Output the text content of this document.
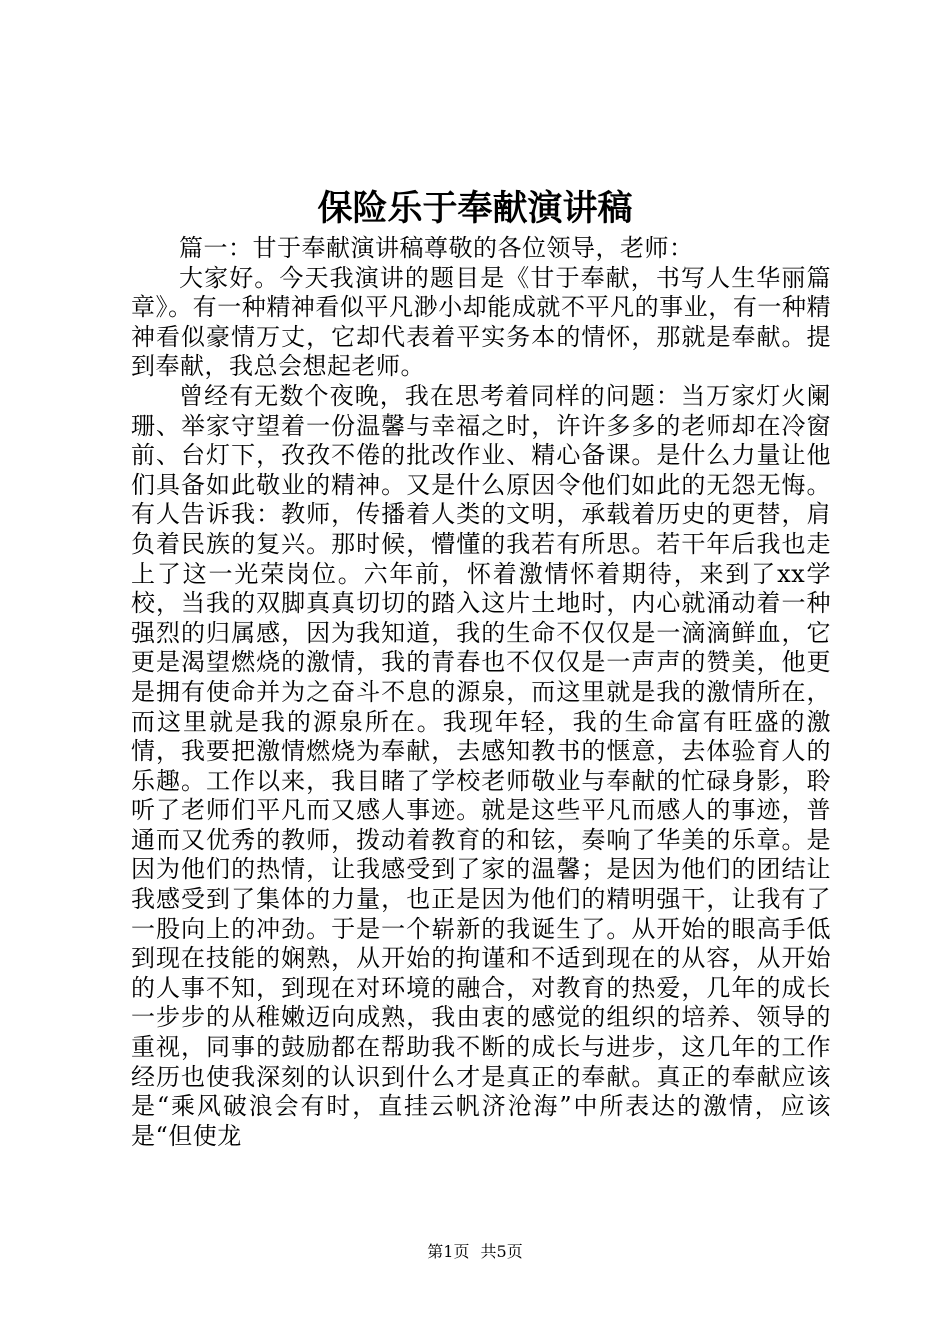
保险乐于奉献演讲稿

篇一：甘于奉献演讲稿尊敬的各位领导，老师：

大家好。今天我演讲的题目是《甘于奉献，书写人生华丽篇章》。有一种精神看似平凡渺小却能成就不平凡的事业，有一种精神看似豪情万丈，它却代表着平实务本的情怀，那就是奉献。提到奉献，我总会想起老师。

曾经有无数个夜晚，我在思考着同样的问题：当万家灯火阑珊、举家守望着一份温馨与幸福之时，许许多多的老师却在冷窗前、台灯下，孜孜不倦的批改作业、精心备课。是什么力量让他们具备如此敬业的精神。又是什么原因令他们如此的无怨无悔。有人告诉我：教师，传播着人类的文明，承载着历史的更替，肩负着民族的复兴。那时候，懵懂的我若有所思。若干年后我也走上了这一光荣岗位。六年前，怀着激情怀着期待，来到了xx学校，当我的双脚真真切切的踏入这片土地时，内心就涌动着一种强烈的归属感，因为我知道，我的生命不仅仅是一滴滴鲜血，它更是渴望燃烧的激情，我的青春也不仅仅是一声声的赞美，他更是拥有使命并为之奋斗不息的源泉，而这里就是我的激情所在，而这里就是我的源泉所在。我现年轻，我的生命富有旺盛的激情，我要把激情燃烧为奉献，去感知教书的惬意，去体验育人的乐趣。工作以来，我目睹了学校老师敬业与奉献的忙碌身影，聆听了老师们平凡而又感人事迹。就是这些平凡而感人的事迹，普通而又优秀的教师，拨动着教育的和铉，奏响了华美的乐章。是因为他们的热情，让我感受到了家的温馨；是因为他们的团结让我感受到了集体的力量，也正是因为他们的精明强干，让我有了一股向上的冲劲。于是一个崭新的我诞生了。从开始的眼高手低到现在技能的娴熟，从开始的拘谨和不适到现在的从容，从开始的人事不知，到现在对环境的融合，对教育的热爱，几年的成长一步步的从稚嫩迈向成熟，我由衷的感觉的组织的培养、领导的重视，同事的鼓励都在帮助我不断的成长与进步，这几年的工作经历也使我深刻的认识到什么才是真正的奉献。真正的奉献应该是“乘风破浪会有时，直挂云帆济沧海”中所表达的激情，应该是“但使龙

第1页 共5页
